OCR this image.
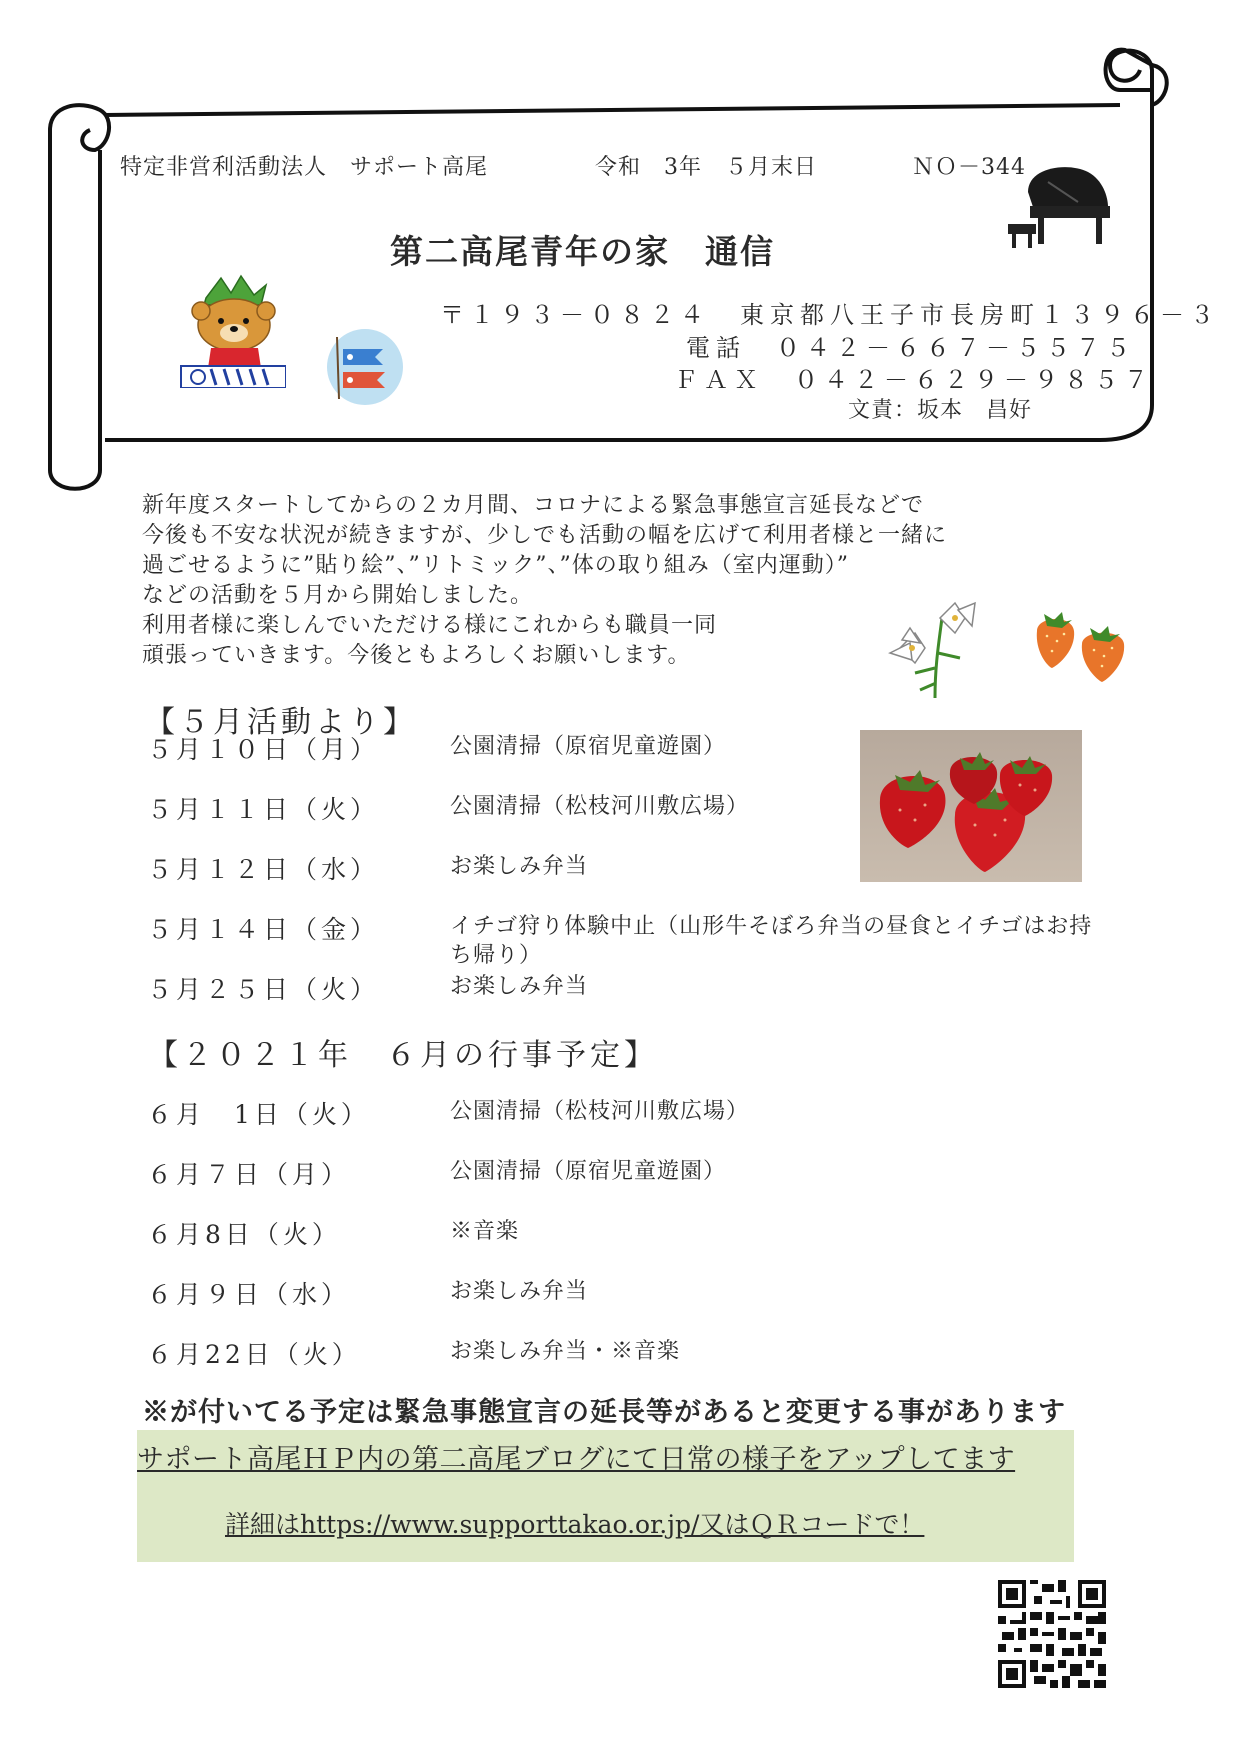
特定非営利活動法人　サポート高尾	令和　3年　５月末日	ＮＯ－344
第二高尾青年の家　通信
〒１９３－０８２４　東京都八王子市長房町１３９６－３
電話　０４２－６６７－５５７５
ＦＡＸ　０４２－６２９－９８５７
文責：坂本　昌好
新年度スタートしてからの２カ月間、コロナによる緊急事態宣言延長などで
今後も不安な状況が続きますが、少しでも活動の幅を広げて利用者様と一緒に
過ごせるように”貼り絵”、”リトミック”、”体の取り組み（室内運動）”
などの活動を５月から開始しました。
利用者様に楽しんでいただける様にこれからも職員一同
頑張っていきます。今後ともよろしくお願いします。
【５月活動より】
５月１０日（月）	公園清掃（原宿児童遊園）
５月１１日（火）	公園清掃（松枝河川敷広場）
５月１２日（水）	お楽しみ弁当
５月１４日（金）	イチゴ狩り体験中止（山形牛そぼろ弁当の昼食とイチゴはお持ち帰り）
５月２５日（火）	お楽しみ弁当
【２０２１年　６月の行事予定】
６月　1日（火）	公園清掃（松枝河川敷広場）
６月７日（月）	公園清掃（原宿児童遊園）
６月8日（火）	※音楽
６月９日（水）	お楽しみ弁当
６月22日（火）	お楽しみ弁当・※音楽
※が付いてる予定は緊急事態宣言の延長等があると変更する事があります
サポート高尾ＨＰ内の第二高尾ブログにて日常の様子をアップしてます
詳細はhttps://www.supporttakao.or.jp/又はＱＲコードで！
